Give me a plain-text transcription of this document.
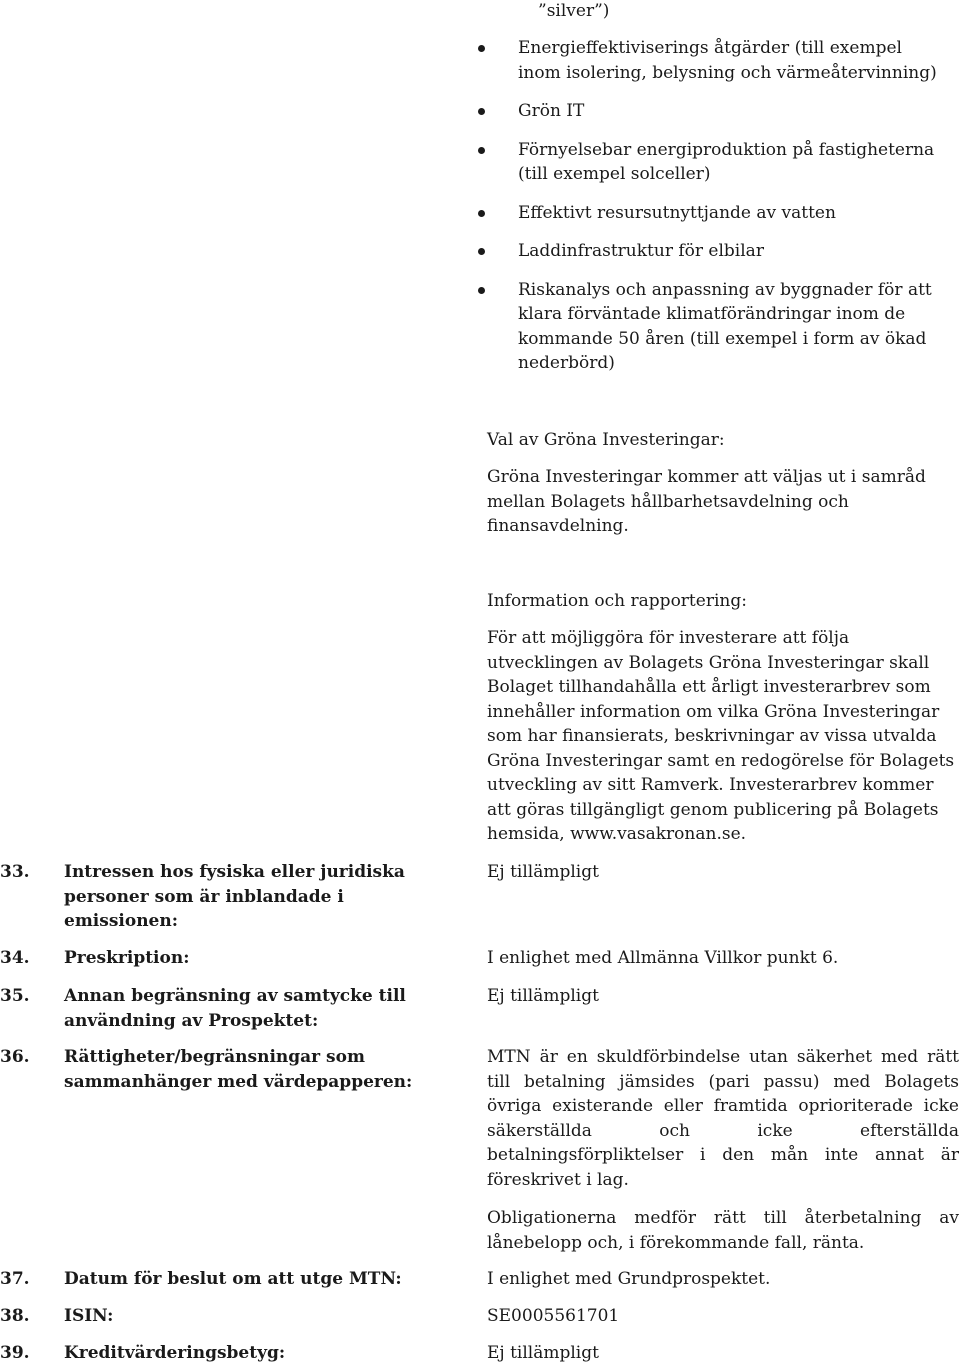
”silver”)
Energieffektiviserings åtgärder (till exempel inom isolering, belysning och värmeåtervinning)
Grön IT
Förnyelsebar energiproduktion på fastigheterna (till exempel solceller)
Effektivt resursutnyttjande av vatten
Laddinfrastruktur för elbilar
Riskanalys och anpassning av byggnader för att klara förväntade klimatförändringar inom de kommande 50 åren (till exempel i form av ökad nederbörd)
Val av Gröna Investeringar:
Gröna Investeringar kommer att väljas ut i samråd mellan Bolagets hållbarhetsavdelning och finansavdelning.
Information och rapportering:
För att möjliggöra för investerare att följa utvecklingen av Bolagets Gröna Investeringar skall Bolaget tillhandahålla ett årligt investerarbrev som innehåller information om vilka Gröna Investeringar som har finansierats, beskrivningar av vissa utvalda Gröna Investeringar samt en redogörelse för Bolagets utveckling av sitt Ramverk. Investerarbrev kommer att göras tillgängligt genom publicering på Bolagets hemsida, www.vasakronan.se.
33. Intressen hos fysiska eller juridiska personer som är inblandade i emissionen:
Ej tillämpligt
34. Preskription:	I enlighet med Allmänna Villkor punkt 6.
35. Annan begränsning av samtycke till användning av Prospektet:
Ej tillämpligt
36. Rättigheter/begränsningar som sammanhänger med värdepapperen:
MTN är en skuldförbindelse utan säkerhet med rätt till betalning jämsides (pari passu) med Bolagets övriga existerande eller framtida oprioriterade icke säkerställda och icke efterställda betalningsförpliktelser i den mån inte annat är föreskrivet i lag.
Obligationerna medför rätt till återbetalning av lånebelopp och, i förekommande fall, ränta.
37. Datum för beslut om att utge MTN:	I enlighet med Grundprospektet.
38. ISIN:	SE0005561701
39. Kreditvärderingsbetyg:	Ej tillämpligt
